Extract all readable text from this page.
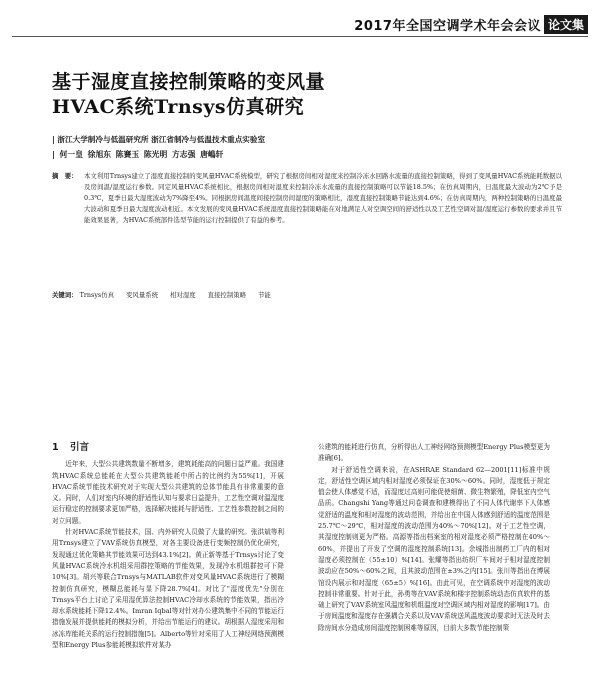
2017年全国空调学术年会会议 论文集
基于湿度直接控制策略的变风量
HVAC系统Trnsys仿真研究
| 浙江大学制冷与低温研究所 浙江省制冷与低温技术重点实验室
| 何一皇 徐旭东 陈賽玉 陈光明 方志强 唐嶋轩
摘　要： 本文利用Trnsys建立了湿度直接控制的变风量HVAC系统模型，研究了根据房间相对湿度来控制冷冻水回路水流量的直接控制策略，得到了变风量HVAC系统能耗数据以及房间温/湿度运行参数。同定风量HVAC系统相比，根据房间相对湿度来控制冷冻水流量的直接控制策略可以节能18.5%；在仿真周期内，日温度最大波动为2℃予是0.3℃，夏季日最大湿度波动为7%降至4%。同根据房间温度间接控制房间湿度的策略相比，湿度直接控制策略节能达到4.6%；在仿真周期内，两种控制策略的日温度最大波动和夏季日最大湿度波动相近。本文发展的变风量HVAC系统湿度直接控制策略能在对地满足人对空调空间的舒适性以及工艺性空调对温/湿度运行参数的要求并且节能效果显著，为HVAC系统部件选型节能的运行控制提供了有益的参考。
关键词： Trnsys仿真 变风量系统 相对湿度 直接控制策略 节能
1 引言

近年来，大型公共建筑数量不断增多，建筑耗能高的问题日益严重。我国建筑HVAC系统总能耗在大型公共建筑能耗中所占的比例约为55%[1]，开展HVAC系统节能技术研究对于实现大型公共建筑的总体节能具有非常重要的意义。同时，人们对室内环境的舒适性认知与要求日益提升，工艺性空调对温湿度运行稳定的控制要求更加严格，选择解决能耗与舒适性、工艺性参数控制之间的对立问题。

针对HVAC系统节能技术，国、内外研究人员做了大量的研究。张洪斌等利用Trnsys建立了VAV系统仿真模型，对各主要设备进行变频控制仍优化研究，发现通过优化策略其节能效果可达到43.1%[2]。黄正新等基于Trnsys讨论了变风量HVAC系统冷水机组采用群控策略的节能效果，发现冷水机组群控可下降10%[3]。胡兴等联合Trnsys与MATLAB软件对变风量HVAC系统进行了模糊控制仿真研究，模糊总能耗与显下降28.7%[4]。对比了"湿度优先"分别在Trnsys平台上讨论了采用湿优算法控制HVAC冷却水系统的节能效果，指出冷却水系统能耗下降12.4%。Imran Iqbal等对针对办公建筑集中不同的节能运行措施发展并提供能耗的模拟分析，并给出节能运行的建议。胡根据人湿度采用和冰冻库能耗关系的运行控制措施[5]。Alberto等针对采用了人工神经网络预测模型和Energy Plus参能耗模拟软件对某办

公建筑的能耗进行仿真，分析得出人工神经网络预测模型Energy Plus模型更为准确[6]。

对于舒适性空调来说，在ASHRAE Standard 62—2001[11]标准中规定，舒适性空调区域内相对湿度必须保证在30%～60%。同时，湿度低于规定值会使人体感觉不适，而湿度过高则可能促使细菌、微生物繁殖，降低室内空气品质。Changshi Yang等通过问卷调查和建模得出了不同人体代谢率下人体感觉舒适的温度和相对湿度的波动范围，并给出在中国人体感到舒适的温度范围是25.7℃～29℃，相对湿度的波动范围为40%～70%[12]。对于工艺性空调，其湿度控制则更为严格。高源等指出档案室的相对湿度必须严格控制在40%～60%，并提出了开发了空调的湿度控制系统[13]。余城指出制药工厂内的相对湿度必须控制在（55±10）%[14]。张耀等指出纺织厂车间对于相对湿度控制波动应在50%～60%之间，且其波动范围在±3%之内[15]。张川等指出在博展馆设内展示和对湿度（65±5）%[16]。由此可见，在空调系统中对湿度的波动控制非常重要。针对于此，孙勇等在VAV系统和楼宇控制系统动态仿真软件的基础上研究了VAV系统室风温度和机组温度对空调区域内相对湿度的影响[17]。由于房间温度和湿度存在强耦合关系以及VAV系统送风温度波动要求时无法及时去除房间水分造成房间湿度控制困难等原因，目前大多数节能控制策
